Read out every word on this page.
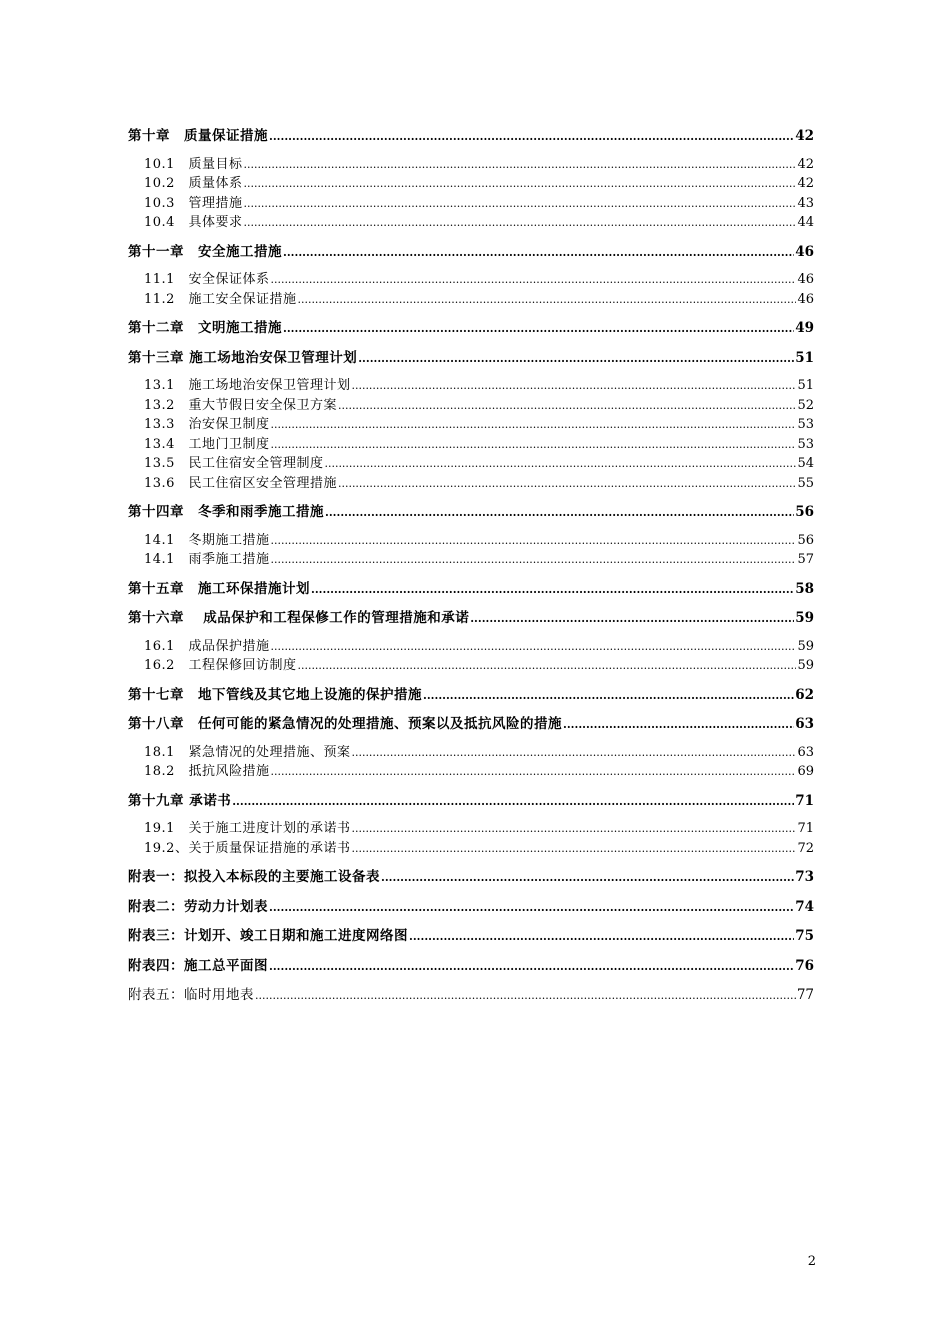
第十章　质量保证措施 .....	42
10.1　质量目标 .....	42
10.2　质量体系 .....	42
10.3　管理措施 .....	43
10.4　具体要求 .....	44
第十一章　安全施工措施 .....	46
11.1　安全保证体系 .....	46
11.2　施工安全保证措施 .....	46
第十二章　文明施工措施 .....	49
第十三章 施工场地治安保卫管理计划 .....	51
13.1　施工场地治安保卫管理计划 .....	51
13.2　重大节假日安全保卫方案 .....	52
13.3　治安保卫制度 .....	53
13.4　工地门卫制度 .....	53
13.5　民工住宿安全管理制度 .....	54
13.6　民工住宿区安全管理措施 .....	55
第十四章　冬季和雨季施工措施 .....	56
14.1　冬期施工措施 .....	56
14.1　雨季施工措施 .....	57
第十五章　施工环保措施计划 .....	58
第十六章　 成品保护和工程保修工作的管理措施和承诺 .....	59
16.1　成品保护措施 .....	59
16.2　工程保修回访制度 .....	59
第十七章　地下管线及其它地上设施的保护措施 .....	62
第十八章　任何可能的紧急情况的处理措施、预案以及抵抗风险的措施 .....	63
18.1　紧急情况的处理措施、预案 .....	63
18.2　抵抗风险措施 .....	69
第十九章 承诺书 .....	71
19.1　关于施工进度计划的承诺书 .....	71
19.2、关于质量保证措施的承诺书 .....	72
附表一：拟投入本标段的主要施工设备表 .....	73
附表二：劳动力计划表 .....	74
附表三：计划开、竣工日期和施工进度网络图 .....	75
附表四：施工总平面图 .....	76
附表五：临时用地表 .....	77
2
